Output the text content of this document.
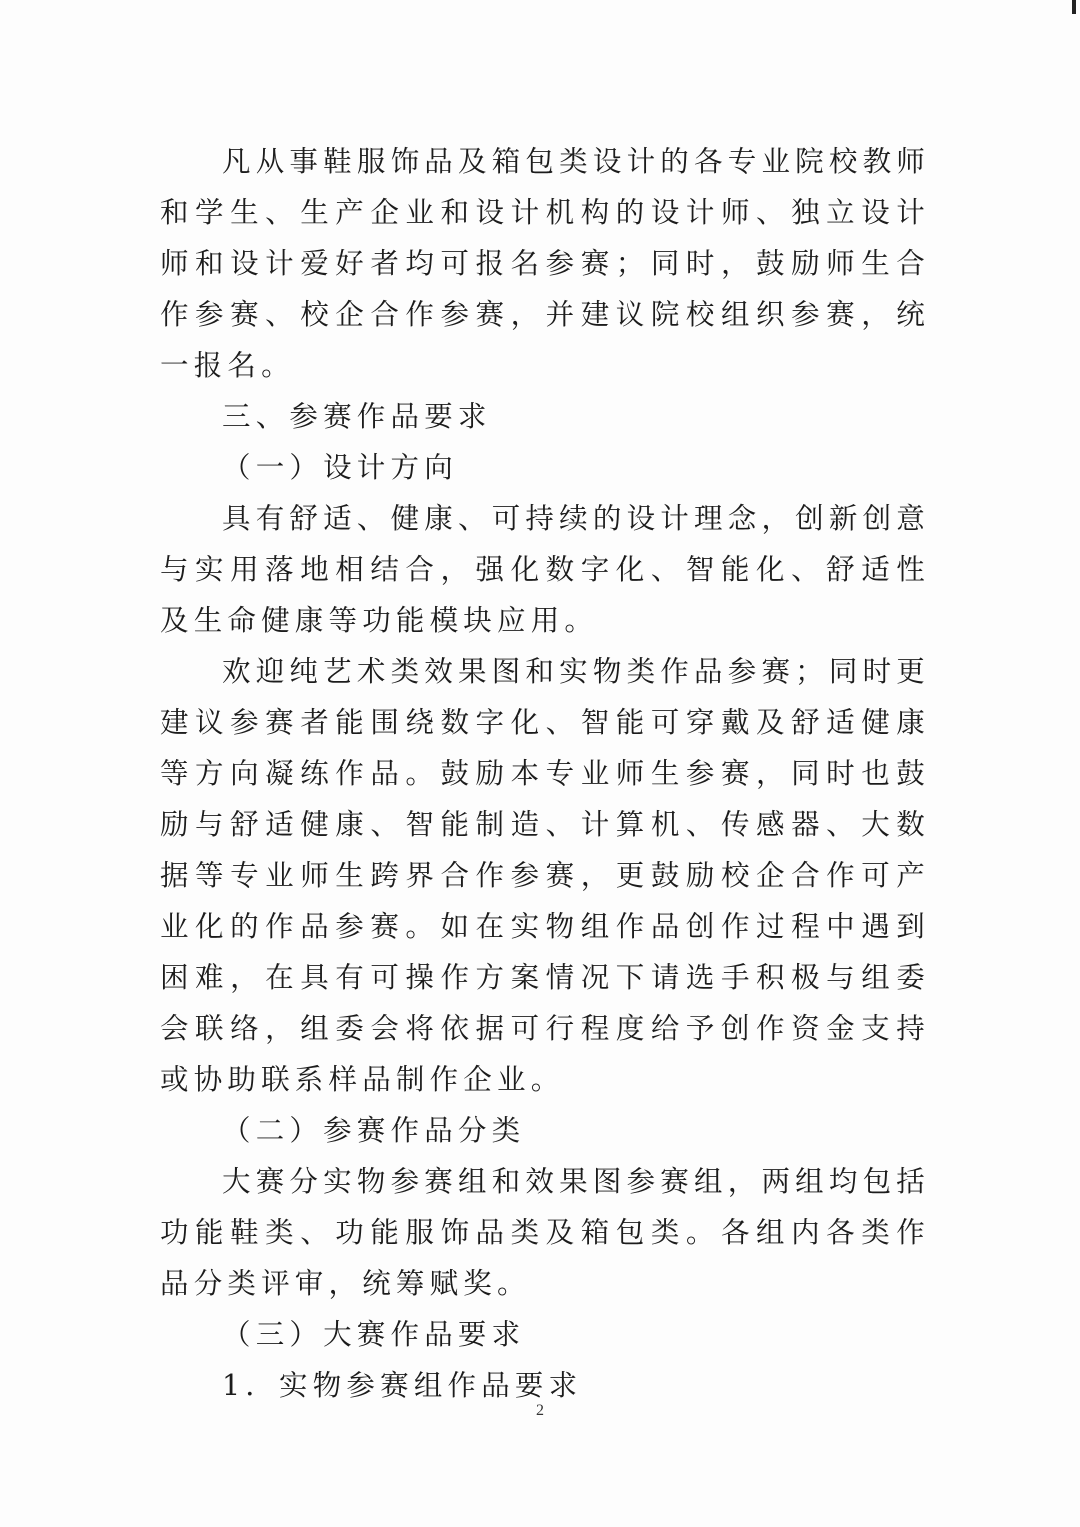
凡从事鞋服饰品及箱包类设计的各专业院校教师和学生、生产企业和设计机构的设计师、独立设计师和设计爱好者均可报名参赛；同时，鼓励师生合作参赛、校企合作参赛，并建议院校组织参赛，统一报名。

三、参赛作品要求

（一）设计方向

具有舒适、健康、可持续的设计理念，创新创意与实用落地相结合，强化数字化、智能化、舒适性及生命健康等功能模块应用。

欢迎纯艺术类效果图和实物类作品参赛；同时更建议参赛者能围绕数字化、智能可穿戴及舒适健康等方向凝练作品。鼓励本专业师生参赛，同时也鼓励与舒适健康、智能制造、计算机、传感器、大数据等专业师生跨界合作参赛，更鼓励校企合作可产业化的作品参赛。如在实物组作品创作过程中遇到困难，在具有可操作方案情况下请选手积极与组委会联络，组委会将依据可行程度给予创作资金支持或协助联系样品制作企业。

（二）参赛作品分类

大赛分实物参赛组和效果图参赛组，两组均包括功能鞋类、功能服饰品类及箱包类。各组内各类作品分类评审，统筹赋奖。

（三）大赛作品要求

1．实物参赛组作品要求

2
